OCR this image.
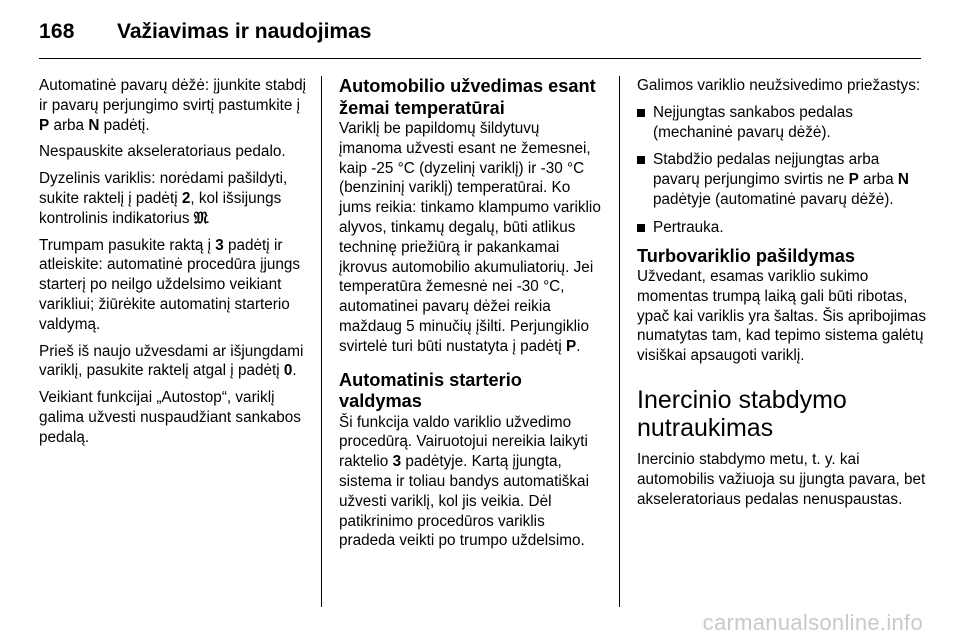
168 Važiavimas ir naudojimas

Automatinė pavarų dėžė: įjunkite stabdį ir pavarų perjungimo svirtį pastumkite į P arba N padėtį.

Nespauskite akseleratoriaus pedalo.

Dyzelinis variklis: norėdami pašildyti, sukite raktelį į padėtį 2, kol išsijungs kontrolinis indikatorius 𝔐.

Trumpam pasukite raktą į 3 padėtį ir atleiskite: automatinė procedūra įjungs starterį po neilgo uždelsimo veikiant varikliui; žiūrėkite automatinį starterio valdymą.

Prieš iš naujo užvesdami ar išjungdami variklį, pasukite raktelį atgal į padėtį 0.

Veikiant funkcijai „Autostop“, variklį galima užvesti nuspaudžiant sankabos pedalą.

Automobilio užvedimas esant žemai temperatūrai

Variklį be papildomų šildytuvų įmanoma užvesti esant ne žemesnei, kaip -25 °C (dyzelinį variklį) ir -30 °C (benzininį variklį) temperatūrai. Ko jums reikia: tinkamo klampumo variklio alyvos, tinkamų degalų, būti atlikus techninę priežiūrą ir pakankamai įkrovus automobilio akumuliatorių. Jei temperatūra žemesnė nei -30 °C, automatinei pavarų dėžei reikia maždaug 5 minučių įšilti. Perjungiklio svirtelė turi būti nustatyta į padėtį P.

Automatinis starterio valdymas

Ši funkcija valdo variklio užvedimo procedūrą. Vairuotojui nereikia laikyti raktelio 3 padėtyje. Kartą įjungta, sistema ir toliau bandys automatiškai užvesti variklį, kol jis veikia. Dėl patikrinimo procedūros variklis pradeda veikti po trumpo uždelsimo.

Galimos variklio neužsivedimo priežastys:

Neįjungtas sankabos pedalas (mechaninė pavarų dėžė).
Stabdžio pedalas neįjungtas arba pavarų perjungimo svirtis ne P arba N padėtyje (automatinė pavarų dėžė).
Pertrauka.
Turbovariklio pašildymas

Užvedant, esamas variklio sukimo momentas trumpą laiką gali būti ribotas, ypač kai variklis yra šaltas. Šis apribojimas numatytas tam, kad tepimo sistema galėtų visiškai apsaugoti variklį.

Inercinio stabdymo nutraukimas

Inercinio stabdymo metu, t. y. kai automobilis važiuoja su įjungta pavara, bet akseleratoriaus pedalas nenuspaustas.

carmanualsonline.info
